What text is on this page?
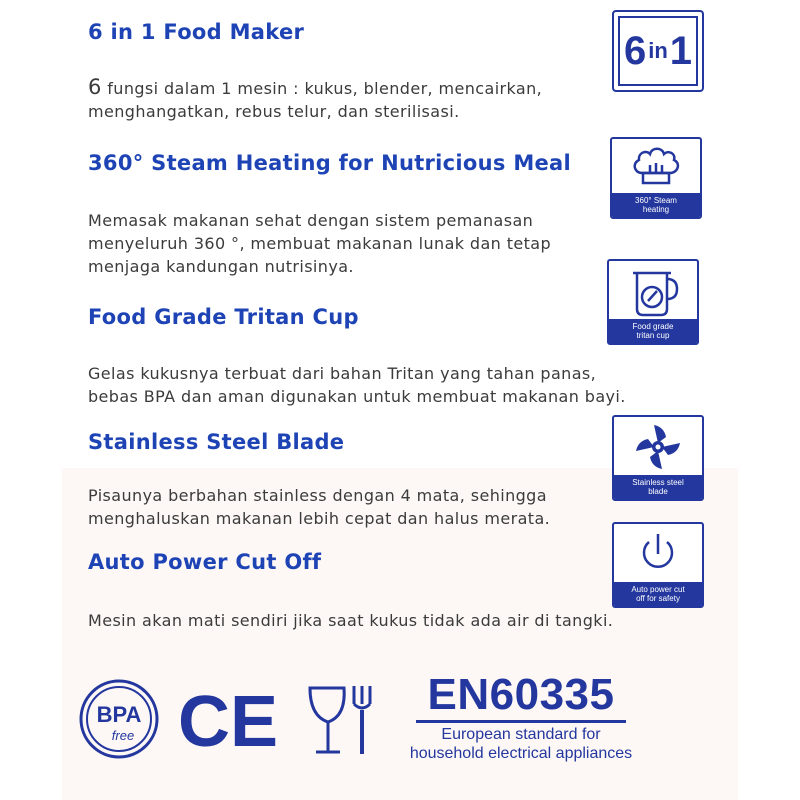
6 in 1 Food Maker

6 fungsi dalam 1 mesin : kukus, blender, mencairkan,
menghangatkan, rebus telur, dan sterilisasi.

6 in 1
360° Steam Heating for Nutricious Meal

Memasak makanan sehat dengan sistem pemanasan
menyeluruh 360 °, membuat makanan lunak dan tetap
menjaga kandungan nutrisinya.

360° Steam
heating
Food Grade Tritan Cup

Gelas kukusnya terbuat dari bahan Tritan yang tahan panas,
bebas BPA dan aman digunakan untuk membuat makanan bayi.

Food grade
tritan cup
Stainless Steel Blade

Pisaunya berbahan stainless dengan 4 mata, sehingga
menghaluskan makanan lebih cepat dan halus merata.

Stainless steel
blade
Auto Power Cut Off

Mesin akan mati sendiri jika saat kukus tidak ada air di tangki.

Auto power cut
off for safety
BPA
free CE	EN60335
European standard for
household electrical appliances
